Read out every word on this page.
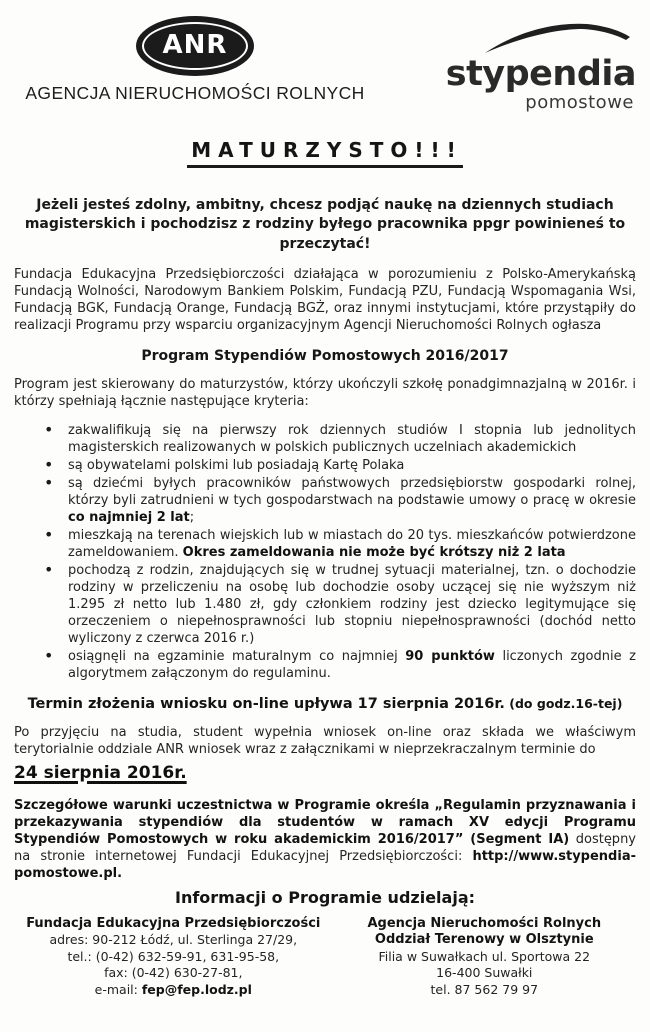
ANR
AGENCJA NIERUCHOMOŚCI ROLNYCH	stypendia
pomostowe
MATURZYSTO!!!

Jeżeli jesteś zdolny, ambitny, chcesz podjąć naukę na dziennych studiach magisterskich i pochodzisz z rodziny byłego pracownika ppgr powinieneś to przeczytać!

Fundacja Edukacyjna Przedsiębiorczości działająca w porozumieniu z Polsko-Amerykańską Fundacją Wolności, Narodowym Bankiem Polskim, Fundacją PZU, Fundacją Wspomagania Wsi, Fundacją BGK, Fundacją Orange, Fundacją BGŻ, oraz innymi instytucjami, które przystąpiły do realizacji Programu przy wsparciu organizacyjnym Agencji Nieruchomości Rolnych ogłasza

Program Stypendiów Pomostowych 2016/2017

Program jest skierowany do maturzystów, którzy ukończyli szkołę ponadgimnazjalną w 2016r. i którzy spełniają łącznie następujące kryteria:

• zakwalifikują się na pierwszy rok dziennych studiów I stopnia lub jednolitych magisterskich realizowanych w polskich publicznych uczelniach akademickich
• są obywatelami polskimi lub posiadają Kartę Polaka
• są dziećmi byłych pracowników państwowych przedsiębiorstw gospodarki rolnej, którzy byli zatrudnieni w tych gospodarstwach na podstawie umowy o pracę w okresie co najmniej 2 lat;
• mieszkają na terenach wiejskich lub w miastach do 20 tys. mieszkańców potwierdzone zameldowaniem. Okres zameldowania nie może być krótszy niż 2 lata
• pochodzą z rodzin, znajdujących się w trudnej sytuacji materialnej, tzn. o dochodzie rodziny w przeliczeniu na osobę lub dochodzie osoby uczącej się nie wyższym niż 1.295 zł netto lub 1.480 zł, gdy członkiem rodziny jest dziecko legitymujące się orzeczeniem o niepełnosprawności lub stopniu niepełnosprawności (dochód netto wyliczony z czerwca 2016 r.)
• osiągnęli na egzaminie maturalnym co najmniej 90 punktów liczonych zgodnie z algorytmem załączonym do regulaminu.

Termin złożenia wniosku on-line upływa 17 sierpnia 2016r. (do godz.16-tej)

Po przyjęciu na studia, student wypełnia wniosek on-line oraz składa we właściwym terytorialnie oddziale ANR wniosek wraz z załącznikami w nieprzekraczalnym terminie do
24 sierpnia 2016r.

Szczegółowe warunki uczestnictwa w Programie określa „Regulamin przyznawania i przekazywania stypendiów dla studentów w ramach XV edycji Programu Stypendiów Pomostowych w roku akademickim 2016/2017” (Segment IA) dostępny na stronie internetowej Fundacji Edukacyjnej Przedsiębiorczości: http://www.stypendia-pomostowe.pl.

Informacji o Programie udzielają:
Fundacja Edukacyjna Przedsiębiorczości
adres: 90-212 Łódź, ul. Sterlinga 27/29,
tel.: (0-42) 632-59-91, 631-95-58,
fax: (0-42) 630-27-81,
e-mail: fep@fep.lodz.pl
Agencja Nieruchomości Rolnych
Oddział Terenowy w Olsztynie
Filia w Suwałkach ul. Sportowa 22
16-400 Suwałki
tel. 87 562 79 97
